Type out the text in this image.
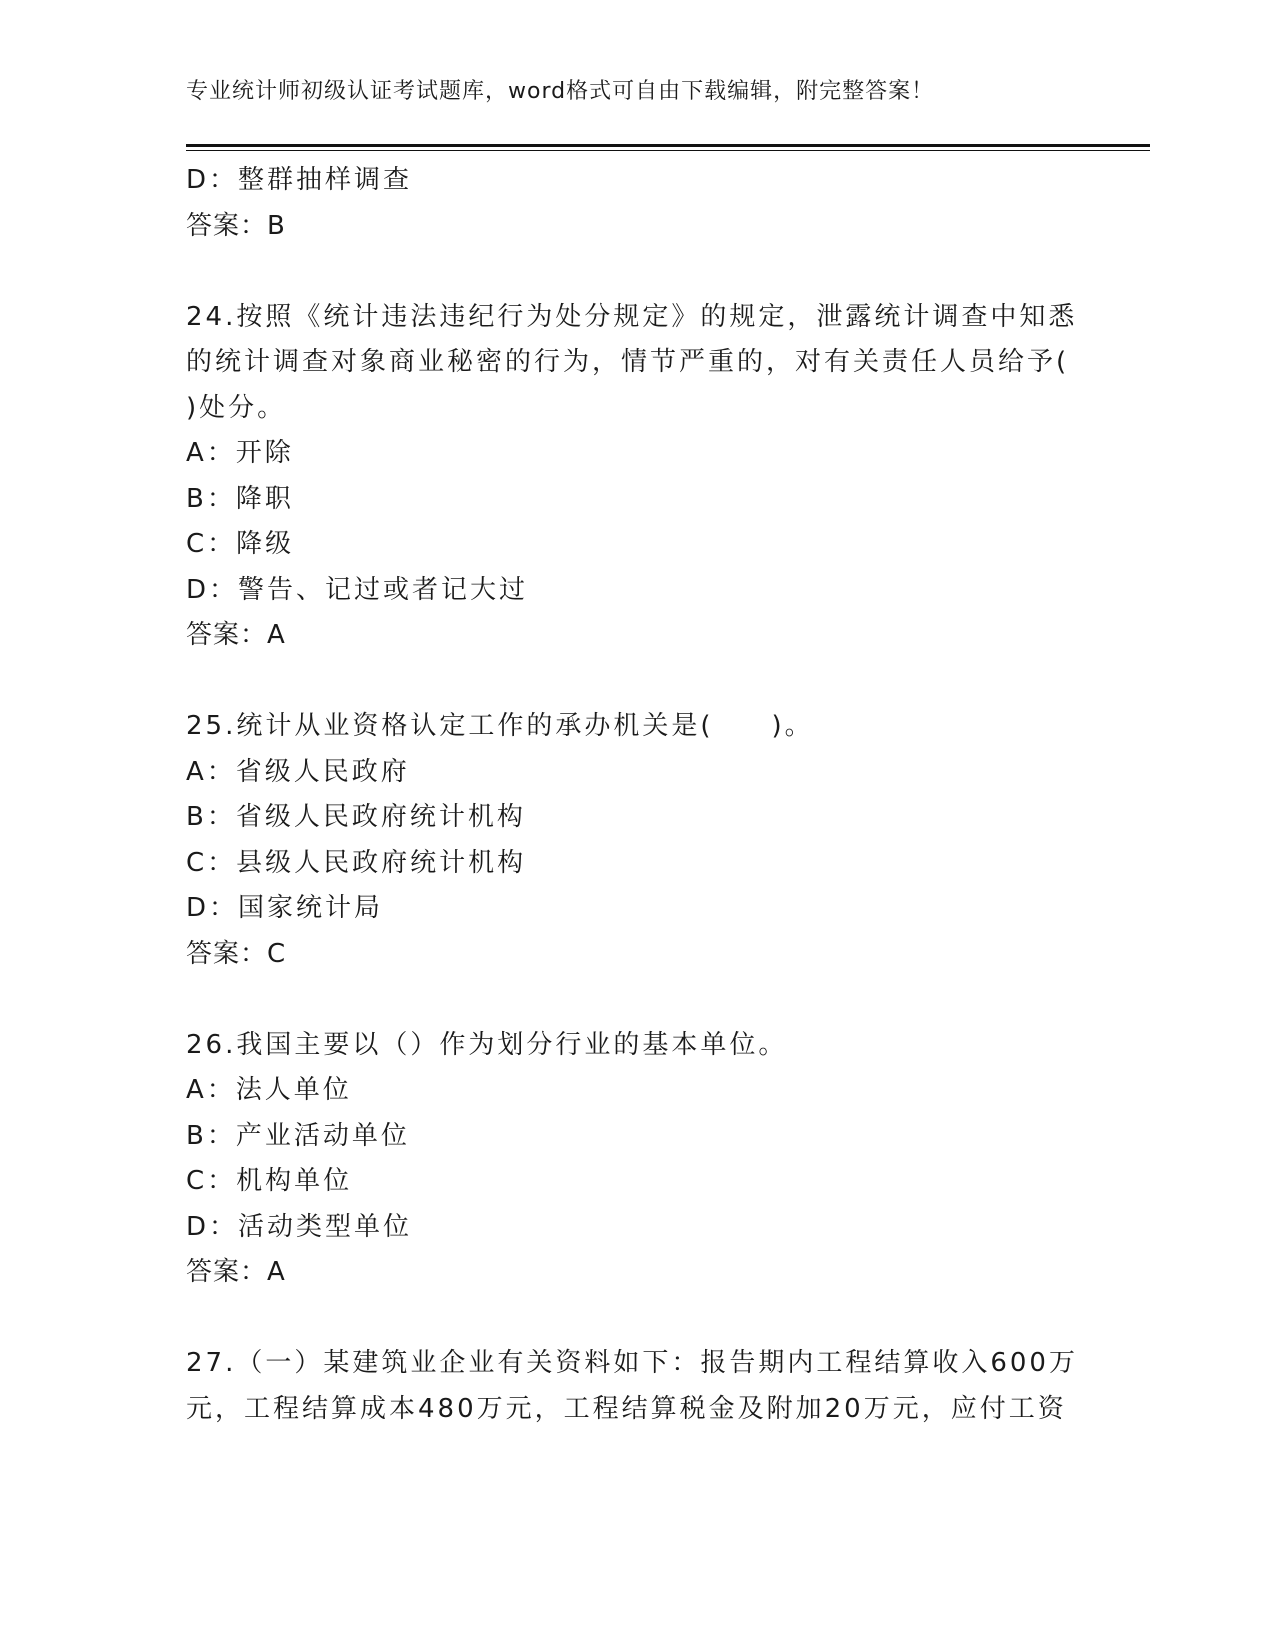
专业统计师初级认证考试题库，word格式可自由下载编辑，附完整答案！
D：整群抽样调查
答案：B
24.按照《统计违法违纪行为处分规定》的规定，泄露统计调查中知悉
的统计调查对象商业秘密的行为，情节严重的，对有关责任人员给予(
)处分。
A：开除
B：降职
C：降级
D：警告、记过或者记大过
答案：A
25.统计从业资格认定工作的承办机关是(　　)。
A：省级人民政府
B：省级人民政府统计机构
C：县级人民政府统计机构
D：国家统计局
答案：C
26.我国主要以（）作为划分行业的基本单位。
A：法人单位
B：产业活动单位
C：机构单位
D：活动类型单位
答案：A
27.（一）某建筑业企业有关资料如下：报告期内工程结算收入600万
元，工程结算成本480万元，工程结算税金及附加20万元，应付工资
